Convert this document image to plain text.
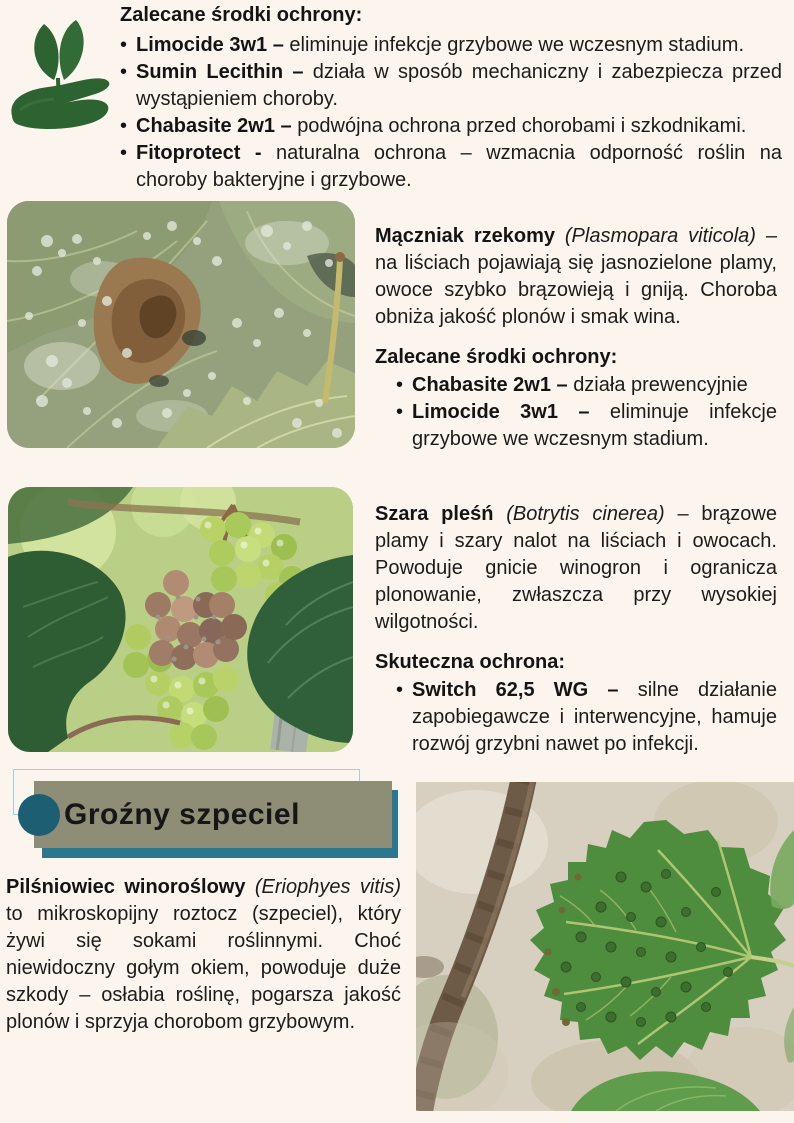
Zalecane środki ochrony:
• Limocide 3w1 – eliminuje infekcje grzybowe we wczesnym stadium.
• Sumin Lecithin – działa w sposób mechaniczny i zabezpiecza przed wystąpieniem choroby.
• Chabasite 2w1 – podwójna ochrona przed chorobami i szkodnikami.
• Fitoprotect - naturalna ochrona – wzmacnia odporność roślin na choroby bakteryjne i grzybowe.

Mączniak rzekomy (Plasmopara viticola) – na liściach pojawiają się jasnozielone plamy, owoce szybko brązowieją i gniją. Choroba obniża jakość plonów i smak wina.

Zalecane środki ochrony:
• Chabasite 2w1 – działa prewencyjnie
• Limocide 3w1 – eliminuje infekcje grzybowe we wczesnym stadium.

Szara pleśń (Botrytis cinerea) – brązowe plamy i szary nalot na liściach i owocach. Powoduje gnicie winogron i ogranicza plonowanie, zwłaszcza przy wysokiej wilgotności.

Skuteczna ochrona:
• Switch 62,5 WG – silne działanie zapobiegawcze i interwencyjne, hamuje rozwój grzybni nawet po infekcji.
Groźny szpeciel

Pilśniowiec winoroślowy (Eriophyes vitis) to mikroskopijny roztocz (szpeciel), który żywi się sokami roślinnymi. Choć niewidoczny gołym okiem, powoduje duże szkody – osłabia roślinę, pogarsza jakość plonów i sprzyja chorobom grzybowym.
